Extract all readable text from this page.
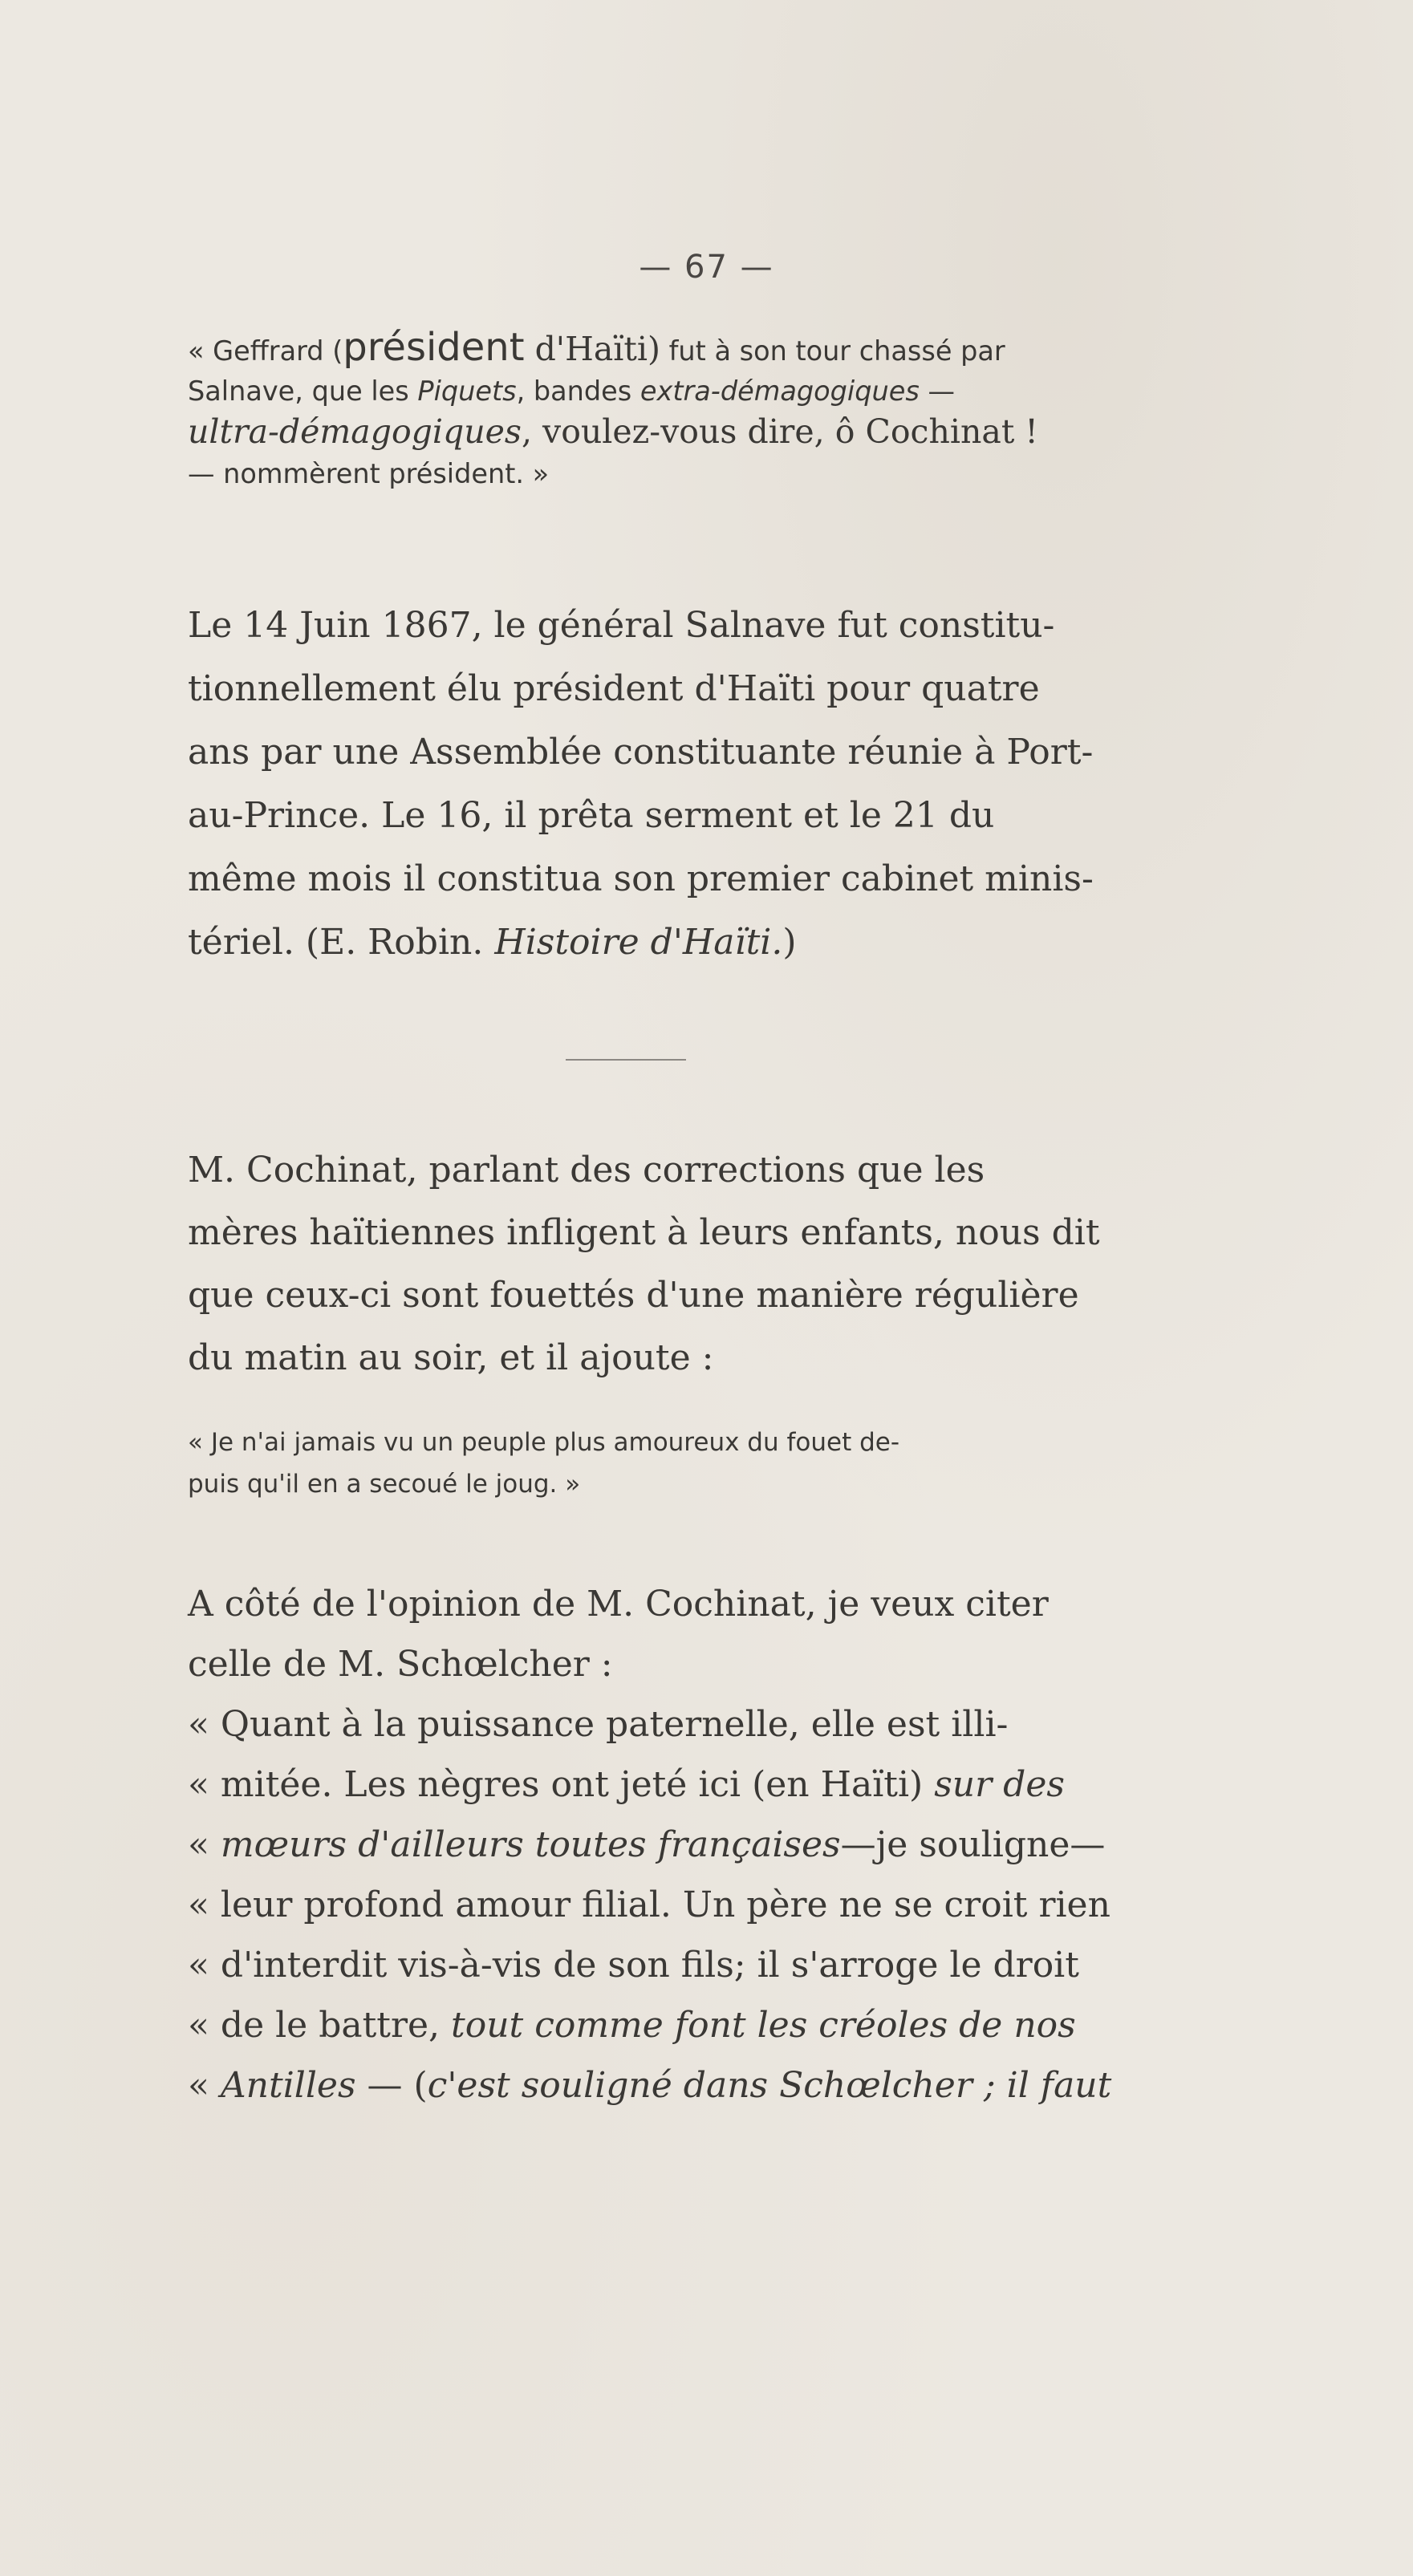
— 67 —
« Geffrard (président d'Haïti) fut à son tour chassé par
Salnave, que les Piquets, bandes extra-démagogiques —
ultra-démagogiques, voulez-vous dire, ô Cochinat !
— nommèrent président. »
Le 14 Juin 1867, le général Salnave fut constitu-
tionnellement élu président d'Haïti pour quatre
ans par une Assemblée constituante réunie à Port-
au-Prince. Le 16, il prêta serment et le 21 du
même mois il constitua son premier cabinet minis-
tériel. (E. Robin. Histoire d'Haïti.)
M. Cochinat, parlant des corrections que les
mères haïtiennes infligent à leurs enfants, nous dit
que ceux-ci sont fouettés d'une manière régulière
du matin au soir, et il ajoute :
« Je n'ai jamais vu un peuple plus amoureux du fouet de-
puis qu'il en a secoué le joug. »
A côté de l'opinion de M. Cochinat, je veux citer
celle de M. Schœlcher :
« Quant à la puissance paternelle, elle est illi-
« mitée. Les nègres ont jeté ici (en Haïti) sur des
« mœurs d'ailleurs toutes françaises—je souligne—
« leur profond amour filial. Un père ne se croit rien
« d'interdit vis-à-vis de son fils; il s'arroge le droit
« de le battre, tout comme font les créoles de nos
« Antilles — (c'est souligné dans Schœlcher ; il faut
